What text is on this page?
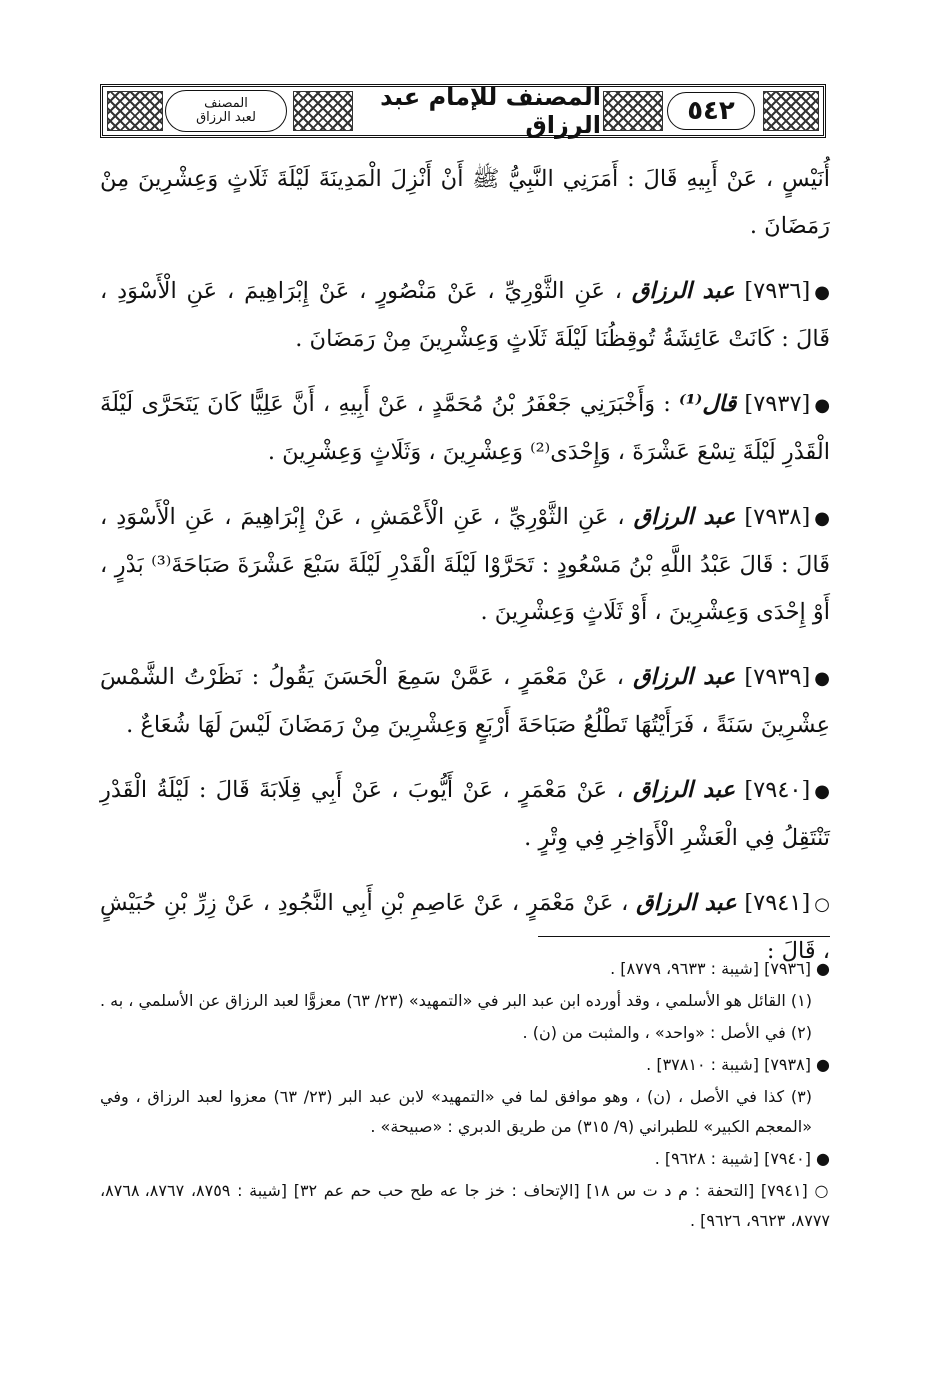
المصنف
لعبد الرزاق
المصنف للإمام عبد الرزاق	٥٤٢

أُنَيْسٍ ، عَنْ أَبِيهِ قَالَ : أَمَرَنِي النَّبِيُّ ﷺ أَنْ أَنْزِلَ الْمَدِينَةَ لَيْلَةَ ثَلَاثٍ وَعِشْرِينَ مِنْ رَمَضَانَ .

●[٧٩٣٦] عبد الرزاق ، عَنِ الثَّوْرِيِّ ، عَنْ مَنْصُورٍ ، عَنْ إِبْرَاهِيمَ ، عَنِ الْأَسْوَدِ ، قَالَ : كَانَتْ عَائِشَةُ تُوقِظُنَا لَيْلَةَ ثَلَاثٍ وَعِشْرِينَ مِنْ رَمَضَانَ .

●[٧٩٣٧] قال⁽¹⁾ : وَأَخْبَرَنِي جَعْفَرُ بْنُ مُحَمَّدٍ ، عَنْ أَبِيهِ ، أَنَّ عَلِيًّا كَانَ يَتَحَرَّى لَيْلَةَ الْقَدْرِ لَيْلَةَ تِسْعَ عَشْرَةَ ، وَإِحْدَى⁽²⁾ وَعِشْرِينَ ، وَثَلَاثٍ وَعِشْرِينَ .

●[٧٩٣٨] عبد الرزاق ، عَنِ الثَّوْرِيِّ ، عَنِ الْأَعْمَشِ ، عَنْ إِبْرَاهِيمَ ، عَنِ الْأَسْوَدِ ، قَالَ : قَالَ عَبْدُ اللَّهِ بْنُ مَسْعُودٍ : تَحَرَّوْا لَيْلَةَ الْقَدْرِ لَيْلَةَ سَبْعَ عَشْرَةَ صَبَاحَةَ⁽³⁾ بَدْرٍ ، أَوْ إِحْدَى وَعِشْرِينَ ، أَوْ ثَلَاثٍ وَعِشْرِينَ .

●[٧٩٣٩] عبد الرزاق ، عَنْ مَعْمَرٍ ، عَمَّنْ سَمِعَ الْحَسَنَ يَقُولُ : نَظَرْتُ الشَّمْسَ عِشْرِينَ سَنَةً ، فَرَأَيْتُهَا تَطْلُعُ صَبَاحَةَ أَرْبَعٍ وَعِشْرِينَ مِنْ رَمَضَانَ لَيْسَ لَهَا شُعَاعٌ .

●[٧٩٤٠] عبد الرزاق ، عَنْ مَعْمَرٍ ، عَنْ أَيُّوبَ ، عَنْ أَبِي قِلَابَةَ قَالَ : لَيْلَةُ الْقَدْرِ تَنْتَقِلُ فِي الْعَشْرِ الْأَوَاخِرِ فِي وِتْرٍ .

○[٧٩٤١] عبد الرزاق ، عَنْ مَعْمَرٍ ، عَنْ عَاصِمِ بْنِ أَبِي النَّجُودِ ، عَنْ زِرِّ بْنِ حُبَيْشٍ ، قَالَ :

● [٧٩٣٦] [شيبة : ٩٦٣٣، ٨٧٧٩] .

(١) القائل هو الأسلمي ، وقد أورده ابن عبد البر في «التمهيد» (٢٣/ ٦٣) معزوًّا لعبد الرزاق عن الأسلمي ، به .

(٢) في الأصل : «واحد» ، والمثبت من (ن) .

● [٧٩٣٨] [شيبة : ٣٧٨١٠] .

(٣) كذا في الأصل ، (ن) ، وهو موافق لما في «التمهيد» لابن عبد البر (٢٣/ ٦٣) معزوا لعبد الرزاق ، وفي «المعجم الكبير» للطبراني (٩/ ٣١٥) من طريق الدبري : «صبيحة» .

● [٧٩٤٠] [شيبة : ٩٦٢٨] .

○ [٧٩٤١] [التحفة : م د ت س ١٨] [الإتحاف : خز جا عه طح حب حم عم ٣٢] [شيبة : ٨٧٥٩، ٨٧٦٧، ٨٧٦٨، ٨٧٧٧، ٩٦٢٣، ٩٦٢٦] .
